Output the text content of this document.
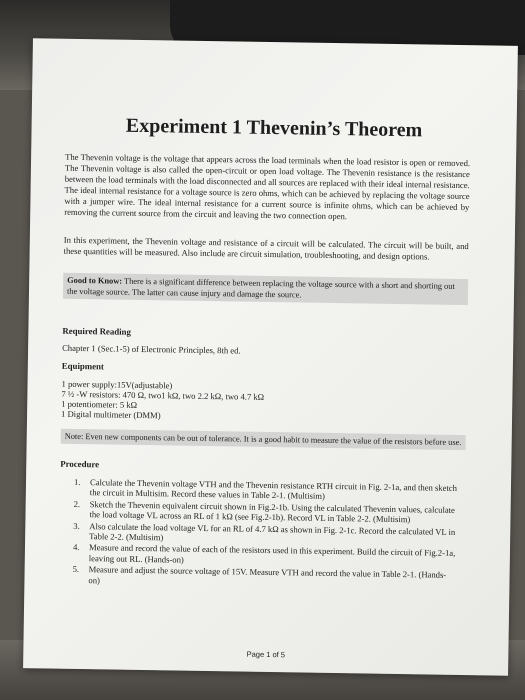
Experiment 1 Thevenin’s Theorem
The Thevenin voltage is the voltage that appears across the load terminals when the load resistor is open or removed. The Thevenin voltage is also called the open-circuit or open load voltage. The Thevenin resistance is the resistance between the load terminals with the load disconnected and all sources are replaced with their ideal internal resistance. The ideal internal resistance for a voltage source is zero ohms, which can be achieved by replacing the voltage source with a jumper wire. The ideal internal resistance for a current source is infinite ohms, which can be achieved by removing the current source from the circuit and leaving the two connection open.
In this experiment, the Thevenin voltage and resistance of a circuit will be calculated. The circuit will be built, and these quantities will be measured. Also include are circuit simulation, troubleshooting, and design options.
Good to Know: There is a significant difference between replacing the voltage source with a short and shorting out the voltage source. The latter can cause injury and damage the source.
Required Reading
Chapter 1 (Sec.1-5) of Electronic Principles, 8th ed.
Equipment
1 power supply:15V(adjustable)
7 ½ -W resistors: 470 Ω, two1 kΩ, two 2.2 kΩ, two 4.7 kΩ
1 potentiometer: 5 kΩ
1 Digital multimeter (DMM)
Note: Even new components can be out of tolerance. It is a good habit to measure the value of the resistors before use.
Procedure
1. Calculate the Thevenin voltage VTH and the Thevenin resistance RTH circuit in Fig. 2-1a, and then sketch the circuit in Multisim. Record these values in Table 2-1. (Multisim)
2. Sketch the Thevenin equivalent circuit shown in Fig.2-1b. Using the calculated Thevenin values, calculate the load voltage VL across an RL of 1 kΩ (see Fig.2-1b). Record VL in Table 2-2. (Multisim)
3. Also calculate the load voltage VL for an RL of 4.7 kΩ as shown in Fig. 2-1c. Record the calculated VL in Table 2-2. (Multisim)
4. Measure and record the value of each of the resistors used in this experiment. Build the circuit of Fig.2-1a, leaving out RL. (Hands-on)
5. Measure and adjust the source voltage of 15V. Measure VTH and record the value in Table 2-1. (Hands-on)
Page 1 of 5
